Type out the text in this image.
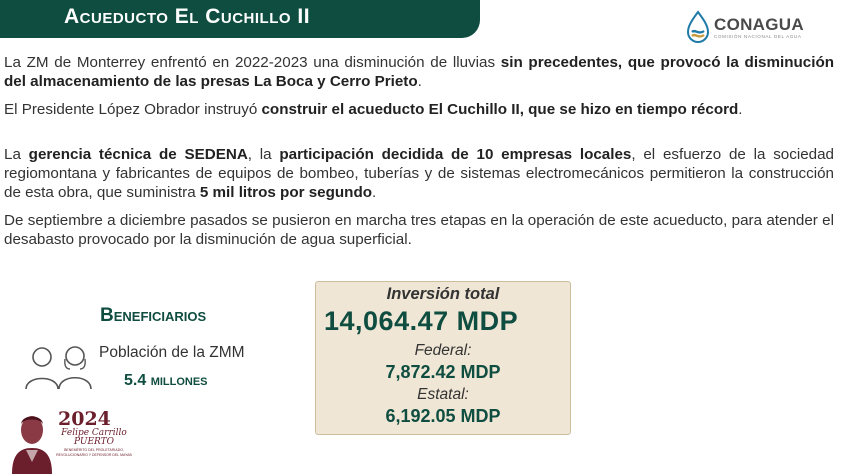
Acueducto El Cuchillo II	CONAGUA
COMISIÓN NACIONAL DEL AGUA

La ZM de Monterrey enfrentó en 2022-2023 una disminución de lluvias sin precedentes, que provocó la disminución del almacenamiento de las presas La Boca y Cerro Prieto.

El Presidente López Obrador instruyó construir el acueducto El Cuchillo II, que se hizo en tiempo récord.

La gerencia técnica de SEDENA, la participación decidida de 10 empresas locales, el esfuerzo de la sociedad regiomontana y fabricantes de equipos de bombeo, tuberías y de sistemas electromecánicos permitieron la construcción de esta obra, que suministra 5 mil litros por segundo.

De septiembre a diciembre pasados se pusieron en marcha tres etapas en la operación de este acueducto, para atender el desabasto provocado por la disminución de agua superficial.

Beneficiarios
Población de la ZMM
5.4 millones
Inversión total
14,064.47 MDP
Federal:
7,872.42 MDP
Estatal:
6,192.05 MDP
2024
Felipe Carrillo
PUERTO
BENEMÉRITO DEL PROLETARIADO, REVOLUCIONARIO Y DEFENSOR DEL MAYAB
